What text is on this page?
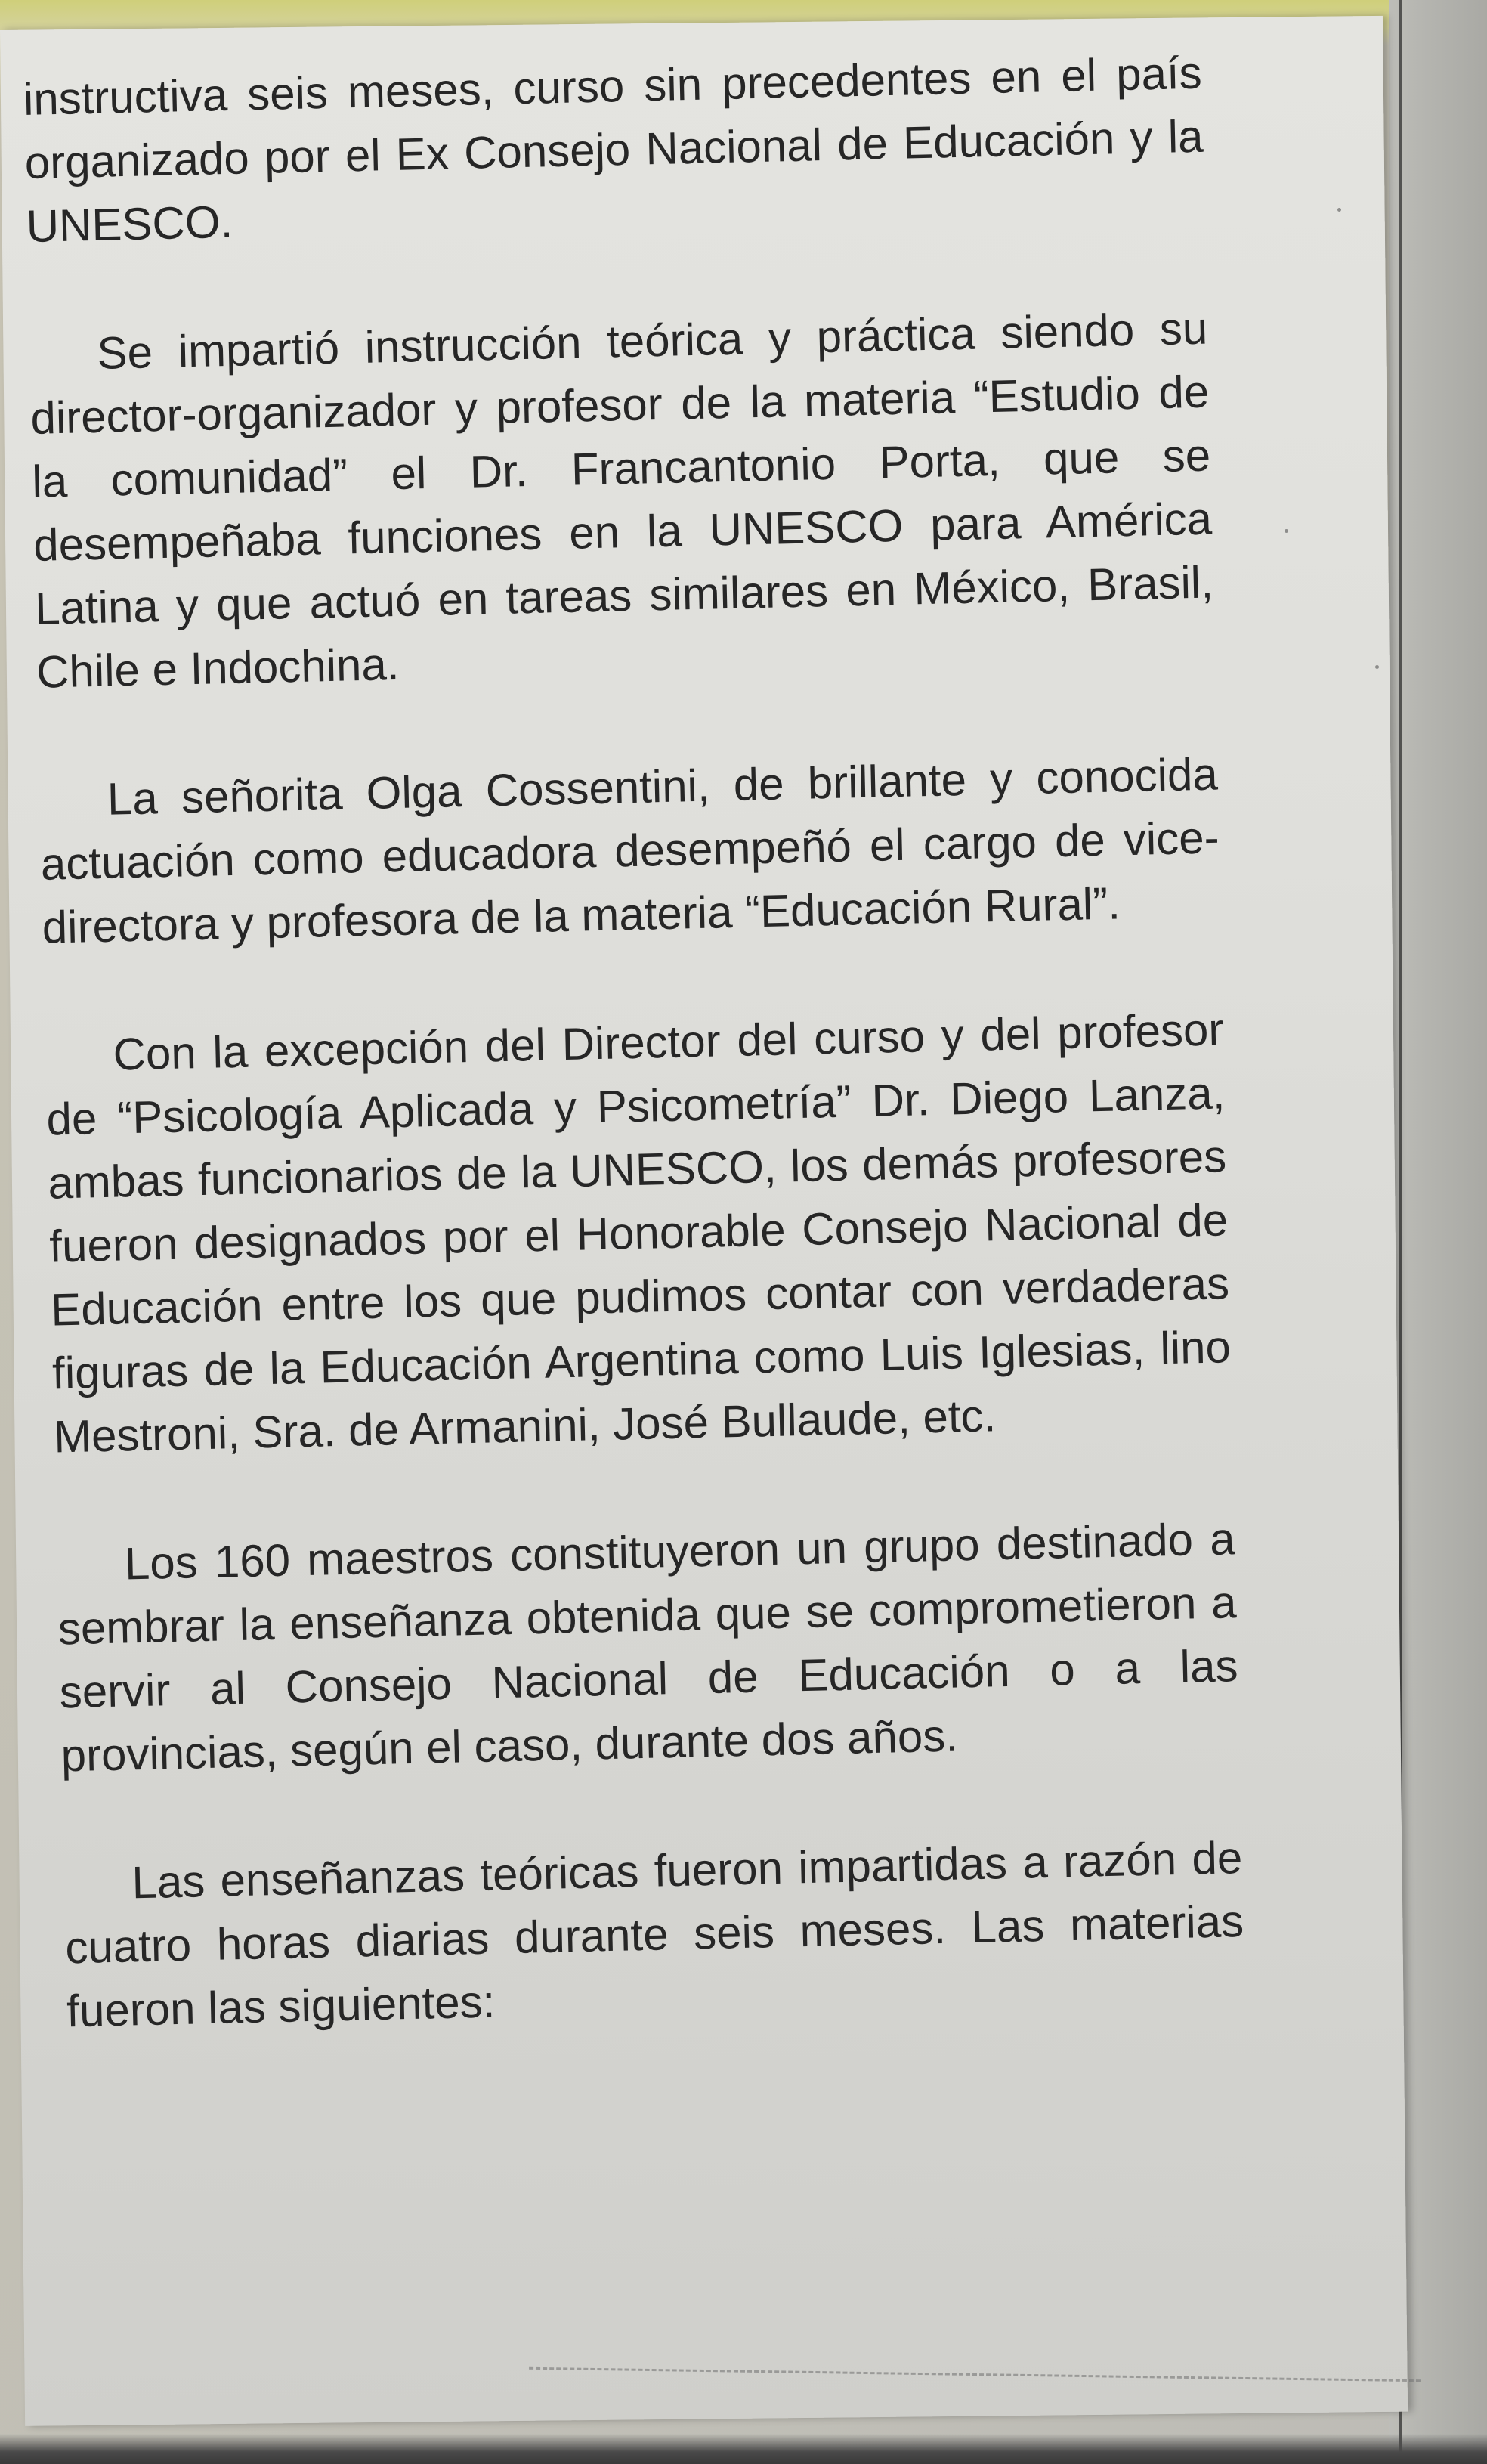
instructiva seis meses, curso sin precedentes en el país organizado por el Ex Consejo Nacional de Educación y la UNESCO.

Se impartió instrucción teórica y práctica siendo su director-organizador y profesor de la materia “Estudio de la comunidad” el Dr. Francantonio Porta, que se desempeñaba funciones en la UNESCO para América Latina y que actuó en tareas similares en México, Brasil, Chile e Indochina.

La señorita Olga Cossentini, de brillante y conocida actuación como educadora desempeñó el cargo de vice-directora y profesora de la materia “Educación Rural”.

Con la excepción del Director del curso y del profesor de “Psicología Aplicada y Psicometría” Dr. Diego Lanza, ambas funcionarios de la UNESCO, los demás profesores fueron designados por el Honorable Consejo Nacional de Educación entre los que pudimos contar con verdaderas figuras de la Educación Argentina como Luis Iglesias, lino Mestroni, Sra. de Armanini, José Bullaude, etc.

Los 160 maestros constituyeron un grupo destinado a sembrar la enseñanza obtenida que se comprometieron a servir al Consejo Nacional de Educación o a las provincias, según el caso, durante dos años.

Las enseñanzas teóricas fueron impartidas a razón de cuatro horas diarias durante seis meses. Las materias fueron las siguientes:
